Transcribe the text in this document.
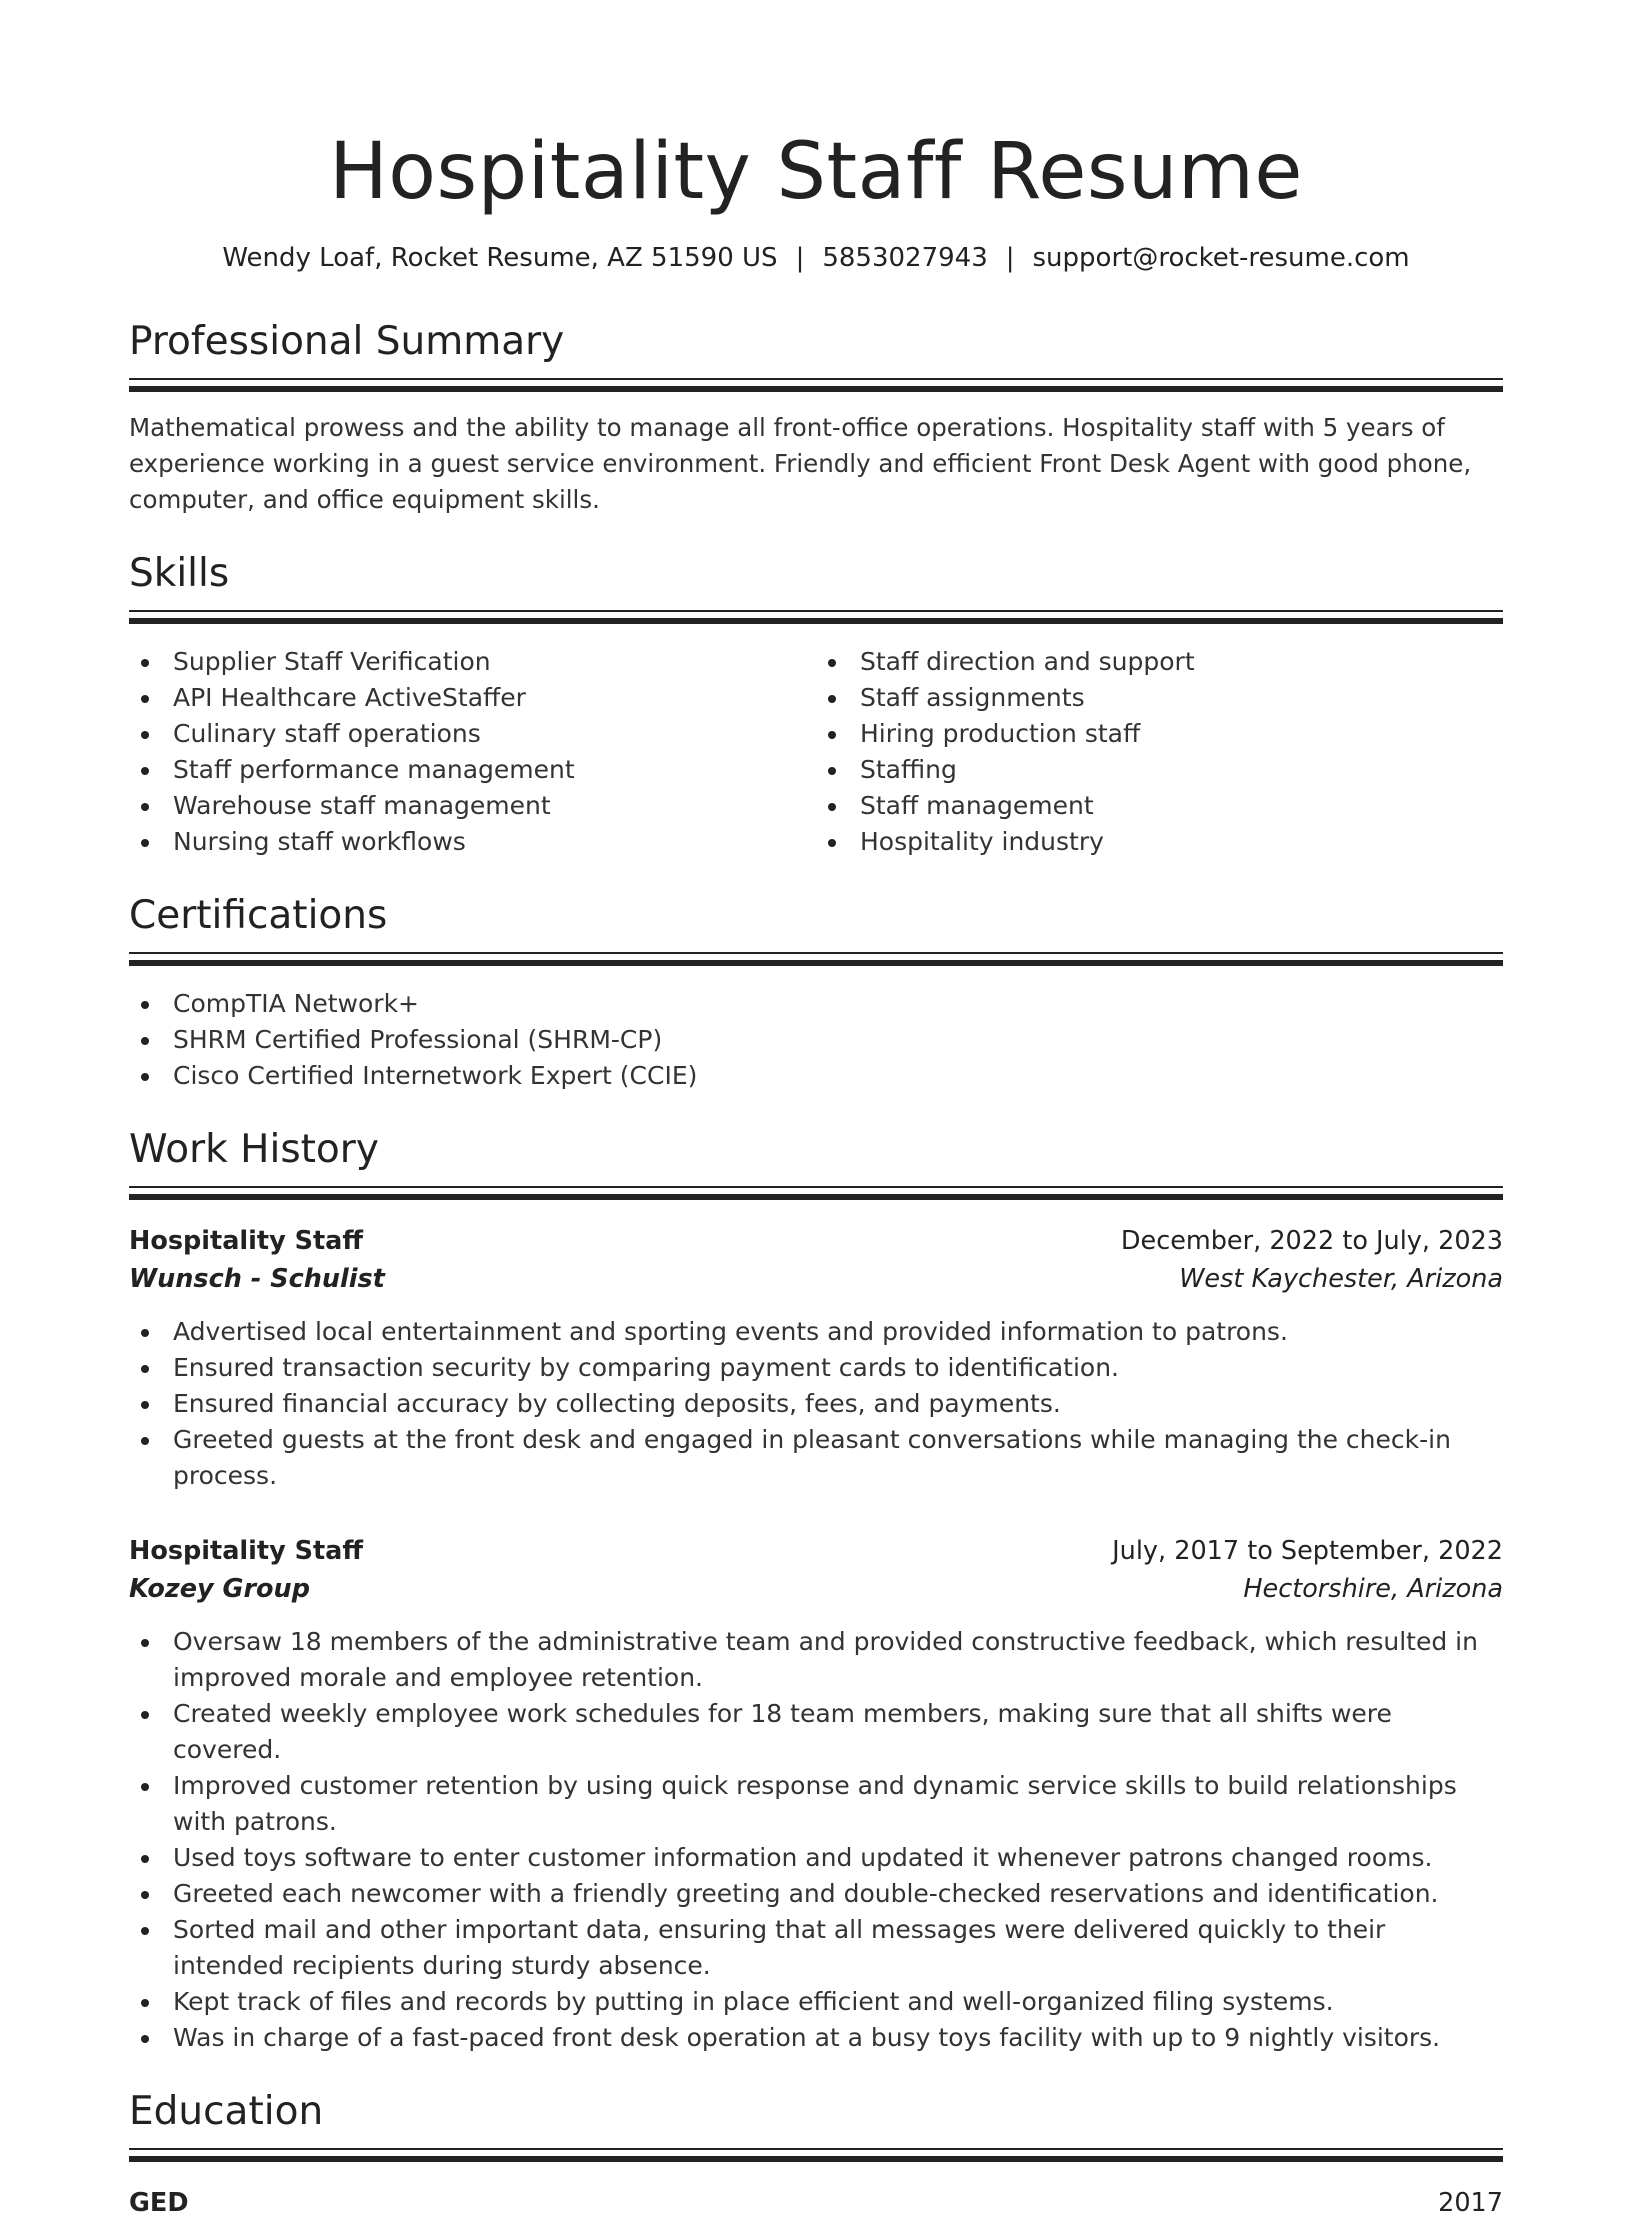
Hospitality Staff Resume
Wendy Loaf, Rocket Resume, AZ 51590 US | 5853027943 | support@rocket-resume.com
Professional Summary

Mathematical prowess and the ability to manage all front-office operations. Hospitality staff with 5 years of experience working in a guest service environment. Friendly and efficient Front Desk Agent with good phone, computer, and office equipment skills.

Skills
Supplier Staff Verification
API Healthcare ActiveStaffer
Culinary staff operations
Staff performance management
Warehouse staff management
Nursing staff workflows
Staff direction and support
Staff assignments
Hiring production staff
Staffing
Staff management
Hospitality industry
Certifications
CompTIA Network+
SHRM Certified Professional (SHRM-CP)
Cisco Certified Internetwork Expert (CCIE)
Work History
Hospitality Staff	December, 2022 to July, 2023
Wunsch - Schulist	West Kaychester, Arizona
Advertised local entertainment and sporting events and provided information to patrons.
Ensured transaction security by comparing payment cards to identification.
Ensured financial accuracy by collecting deposits, fees, and payments.
Greeted guests at the front desk and engaged in pleasant conversations while managing the check-in process.
Hospitality Staff	July, 2017 to September, 2022
Kozey Group	Hectorshire, Arizona
Oversaw 18 members of the administrative team and provided constructive feedback, which resulted in improved morale and employee retention.
Created weekly employee work schedules for 18 team members, making sure that all shifts were covered.
Improved customer retention by using quick response and dynamic service skills to build relationships with patrons.
Used toys software to enter customer information and updated it whenever patrons changed rooms.
Greeted each newcomer with a friendly greeting and double-checked reservations and identification.
Sorted mail and other important data, ensuring that all messages were delivered quickly to their intended recipients during sturdy absence.
Kept track of files and records by putting in place efficient and well-organized filing systems.
Was in charge of a fast-paced front desk operation at a busy toys facility with up to 9 nightly visitors.
Education
GED	2017
